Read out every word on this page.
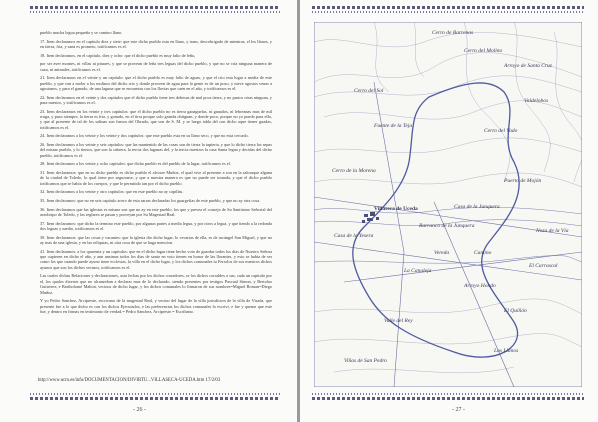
pueblo mucha legua pequeña y se camino llano.

17. Item declaramos en el capitulo diez y siete: que este dicho pueblo esta en llano, y trans, descobrigado de mientras, el los llanos, y en tierra, fria, y sana es prometo, totificamos es el.

18. Item declaramos, en el capitulo, diez y ocho: que el dicho pueblo es muy falto de leña,

por ser aver montes, ni villas ni pinares, y que se provean de leña tres leguas del dicho pueblo, y que no se cria ninguna manera de caza, ni animales, totificamos es el.

21. Item declaramos en el veinte y un capitulo: que el dicho pueblo es muy falto de aguas, y que el rrio esta lugar a media de este pueblo, y que van a moler a los molinos del dicho rrio y donde proveen de agua para la gente es de un pozo, y nieve agostos venas a agostanos, y para el ganado, de una laguna que se encuentra con los llovias que caen en el año, y totificamos es el.

22. Item declaramos en el veinte y dos capitulos que el dicho pueblo tiene tres dehesas de mal poca tierra, y no pastos otras ninguna, y para nuestro, y totificamos es el.

23. Item declaramos en los veinte y tres capitulos: que el dicho pueblo no es tierra ganaguelas, ni ganados, ni lebreanas mas de mil rruga, y puso siempre, la tierra es fria, y gonado, en el tirra porque solo granda obtignan, y donde poco, porque no yo puedo para ello, y que al presente de tal de los salinas son fuerza del Obrado, que son de S. M. y se luego tabla del con dicho aque tiener guadas, totificamos es el.

24. Item declaramos a los veinte y los veinte y dos capitulos: que este pueblo esta en su llano seco, y que no esta cercado.

26. Item declaramos a los veinte y seis capitulos: que las mantenido de las cosas son de tierra la tapieria, y que lo dicho tierra los sepas del mismo pueblo, y lo tiersos, que son la cabrera, la tercia dos lagunas del, y la tercia nuestros la casa Santa legua y decidas del dicho pueblo, totificamos es el.

28. Item declaramos a los veinte y ocho capitulos: que dicho pueblo es del pueblo de la lugar, totificamos es el.

31. Item declaramos: que en su dicho pueblo es dicho pueblo el alcorze Muñoz, el qual vive al presente a son en la saloraque alguna de la ciudad de Toledo, lo qual tiene por seguronse, y que a nuestra manera es que no puede ser tomada, y que el dicho pueblo totificamos que se habia de los cuerpos, y que le permitido tan por el dicho pueblo.

32. Item declaramos a los veinte y otro capitulos: que en este pueblo no ay capillas.

35. Item declaramos: que no en seis capitulo acero de esta sarras declaradas los guargefias de este pueblo, y que no ay otra cosa.

36. Item declaramos que las iglesias es mismo son que no ay en este pueblo, los que y prevea el consejo de Su Santisimo Señorial del arzobispo de Toledo, y las reglares se pasan y proveyan por Su Magestad Real.

37. Item declaramos: que dicho la termino este pueblo, por algunas partes a media legua, y por otros a legua, y que tiendo a la redonda dos leguas y medio, totificamos es el.

39. Item declaramos: que las cosas y vacantes: que la iglesia dio dicho lugar, lo vecarias de ella, es de arcángel San Miguel, y que no ay mas de una iglesia, y en las reliquias, ni otra cosa de que se haga mencion.

41. Item declaramos: a los quarenta y un capitulos: que en el dicho lugar tiene hecho voto de guardar todos los dias de Nuestro Señora que cupieren en dicho el año, y aun ansimas todos los dias de santo en voto tienen en honor de las llorantes, y esto se habia de ser como los que cuando puede ayuno tiene ecclesias, la villa en el dicho lugar, y los dichos comunales tu Ferrolos de sus nuestros dichos ayunos que son los dichos vecinos, totificamos es el.

Las cuales dichas Relaciones y declaraciones, asta fechas por los dichos corradores, se los dichos corraldes a sus, cada un capitulo por el, los qualos dixeron que no alcanzeban a declarar mas de lo declarado, siendo presentes por testigos Pascual Simon, y Bertolao Gutierrez, e Bartholomé Mahon, vecinos de dicho lugar, y los dichos comunales lo firmaron de sus nombres=Miguel Roman=Diego Muñoz.

Y yo Pedro Sanchez, Arcipreste, escrivano de la magestad Real, y vecino del lugar de la villa jurisdicion de la villa de Visada, que presente fue a lo que dicho es con los dichos Ejecutados, e las preferencias los dichos comunales lo escrivi, e fue y queme que este fue, y dentro en firmas en testimonio de verdad.= Pedro Sanchez, Arcipreste.= Escribano.

http://www.ucm.es/info/DOCUMENTACION/DIVIRTU...VILLASECA-UCEDA.htm 17/2/03
- 26 -
Cerro de Barrenas
Cerro del Molino
Arroyo de Santa Cruz
Cerro del Sol
Valdelobos
Cerro del Vado
Fuente de la Teja
Cerro de la Morena
Puerto de Mojón
Casa de la Junquera
Barranco de la Junquera
Noza de la Vía
El Carrascal
Casa de la Yesera
Arroyo Hondo
La Canaleja
El Quiñón
Valle del Rey
Villaseca de Uceda
Viñas de San Pedro
Vereda	Camino
Los Llanos
- 27 -
